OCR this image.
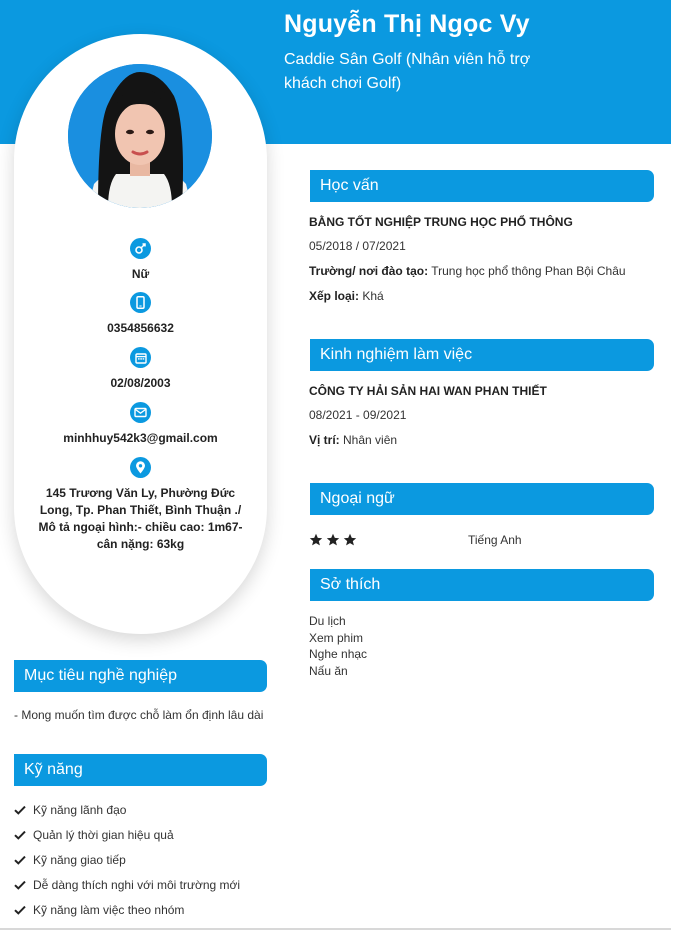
Nguyễn Thị Ngọc Vy
Caddie Sân Golf (Nhân viên hỗ trợ khách chơi Golf)
Nữ
0354856632
02/08/2003
minhhuy542k3@gmail.com
145 Trương Văn Ly, Phường Đức Long, Tp. Phan Thiết, Bình Thuận ./ Mô tả ngoại hình:- chiều cao: 1m67- cân nặng: 63kg
Mục tiêu nghề nghiệp
- Mong muốn tìm được chỗ làm ổn định lâu dài
Kỹ năng
Kỹ năng lãnh đạo
Quản lý thời gian hiệu quả
Kỹ năng giao tiếp
Dễ dàng thích nghi với môi trường mới
Kỹ năng làm việc theo nhóm
Học vấn
BẰNG TỐT NGHIỆP TRUNG HỌC PHỔ THÔNG
05/2018 / 07/2021
Trường/ nơi đào tạo: Trung học phổ thông Phan Bội Châu
Xếp loại: Khá
Kinh nghiệm làm việc
CÔNG TY HẢI SẢN HAI WAN PHAN THIẾT
08/2021 - 09/2021
Vị trí: Nhân viên
Ngoại ngữ
Tiếng Anh
Sở thích
Du lịch
Xem phim
Nghe nhạc
Nấu ăn
